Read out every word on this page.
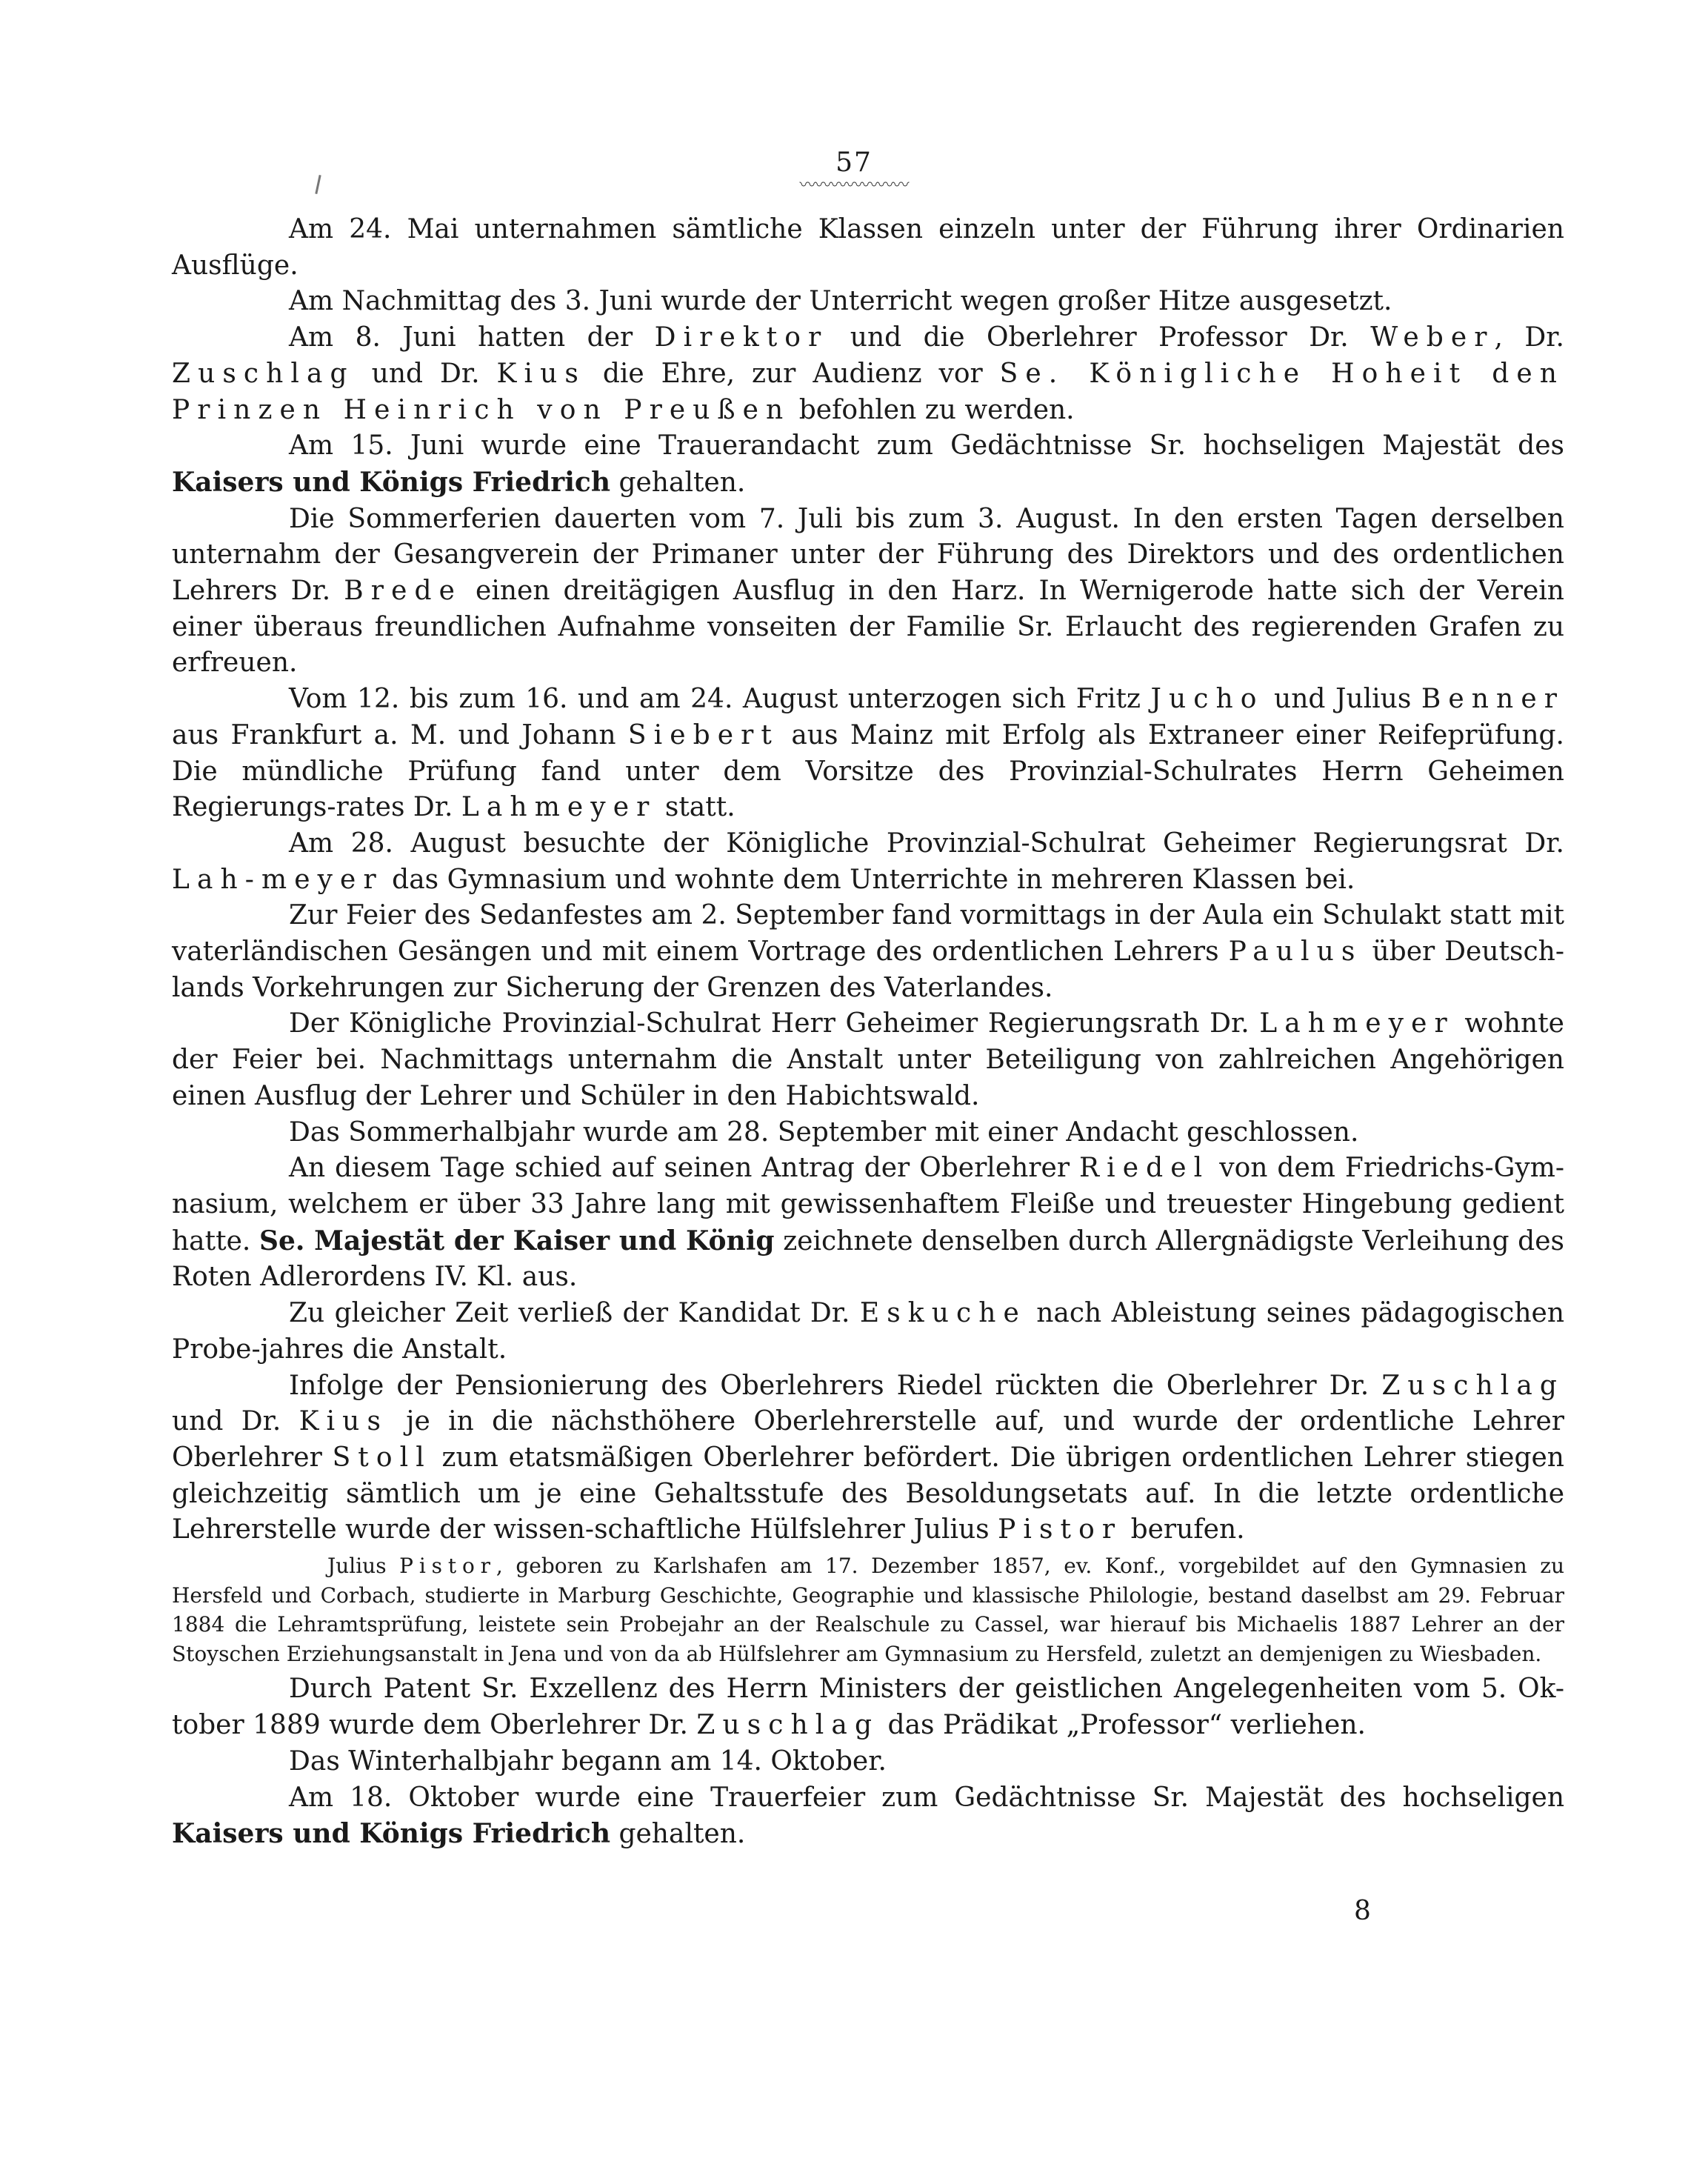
57
〰〰〰〰〰〰〰

Am 24. Mai unternahmen sämtliche Klassen einzeln unter der Führung ihrer Ordinarien Ausflüge.

Am Nachmittag des 3. Juni wurde der Unterricht wegen großer Hitze ausgesetzt.

Am 8. Juni hatten der Direktor und die Oberlehrer Professor Dr. Weber, Dr. Zuschlag und Dr. Kius die Ehre, zur Audienz vor Se. Königliche Hoheit den Prinzen Heinrich von Preußen befohlen zu werden.

Am 15. Juni wurde eine Trauerandacht zum Gedächtnisse Sr. hochseligen Majestät des Kaisers und Königs Friedrich gehalten.

Die Sommerferien dauerten vom 7. Juli bis zum 3. August. In den ersten Tagen derselben unternahm der Gesangverein der Primaner unter der Führung des Direktors und des ordentlichen Lehrers Dr. Brede einen dreitägigen Ausflug in den Harz. In Wernigerode hatte sich der Verein einer überaus freundlichen Aufnahme vonseiten der Familie Sr. Erlaucht des regierenden Grafen zu erfreuen.

Vom 12. bis zum 16. und am 24. August unterzogen sich Fritz Jucho und Julius Benner aus Frankfurt a. M. und Johann Siebert aus Mainz mit Erfolg als Extraneer einer Reifeprüfung. Die mündliche Prüfung fand unter dem Vorsitze des Provinzial-Schulrates Herrn Geheimen Regierungs-rates Dr. Lahmeyer statt.

Am 28. August besuchte der Königliche Provinzial-Schulrat Geheimer Regierungsrat Dr. Lah-meyer das Gymnasium und wohnte dem Unterrichte in mehreren Klassen bei.

Zur Feier des Sedanfestes am 2. September fand vormittags in der Aula ein Schulakt statt mit vaterländischen Gesängen und mit einem Vortrage des ordentlichen Lehrers Paulus über Deutsch-lands Vorkehrungen zur Sicherung der Grenzen des Vaterlandes.

Der Königliche Provinzial-Schulrat Herr Geheimer Regierungsrath Dr. Lahmeyer wohnte der Feier bei. Nachmittags unternahm die Anstalt unter Beteiligung von zahlreichen Angehörigen einen Ausflug der Lehrer und Schüler in den Habichtswald.

Das Sommerhalbjahr wurde am 28. September mit einer Andacht geschlossen.

An diesem Tage schied auf seinen Antrag der Oberlehrer Riedel von dem Friedrichs-Gym-nasium, welchem er über 33 Jahre lang mit gewissenhaftem Fleiße und treuester Hingebung gedient hatte. Se. Majestät der Kaiser und König zeichnete denselben durch Allergnädigste Verleihung des Roten Adlerordens IV. Kl. aus.

Zu gleicher Zeit verließ der Kandidat Dr. Eskuche nach Ableistung seines pädagogischen Probe-jahres die Anstalt.

Infolge der Pensionierung des Oberlehrers Riedel rückten die Oberlehrer Dr. Zuschlag und Dr. Kius je in die nächsthöhere Oberlehrerstelle auf, und wurde der ordentliche Lehrer Oberlehrer Stoll zum etatsmäßigen Oberlehrer befördert. Die übrigen ordentlichen Lehrer stiegen gleichzeitig sämtlich um je eine Gehaltsstufe des Besoldungsetats auf. In die letzte ordentliche Lehrerstelle wurde der wissen-schaftliche Hülfslehrer Julius Pistor berufen.

Julius Pistor, geboren zu Karlshafen am 17. Dezember 1857, ev. Konf., vorgebildet auf den Gymnasien zu Hersfeld und Corbach, studierte in Marburg Geschichte, Geographie und klassische Philologie, bestand daselbst am 29. Februar 1884 die Lehramtsprüfung, leistete sein Probejahr an der Realschule zu Cassel, war hierauf bis Michaelis 1887 Lehrer an der Stoyschen Erziehungsanstalt in Jena und von da ab Hülfslehrer am Gymnasium zu Hersfeld, zuletzt an demjenigen zu Wiesbaden.

Durch Patent Sr. Exzellenz des Herrn Ministers der geistlichen Angelegenheiten vom 5. Ok-tober 1889 wurde dem Oberlehrer Dr. Zuschlag das Prädikat „Professor“ verliehen.

Das Winterhalbjahr begann am 14. Oktober.

Am 18. Oktober wurde eine Trauerfeier zum Gedächtnisse Sr. Majestät des hochseligen Kaisers und Königs Friedrich gehalten.

8
